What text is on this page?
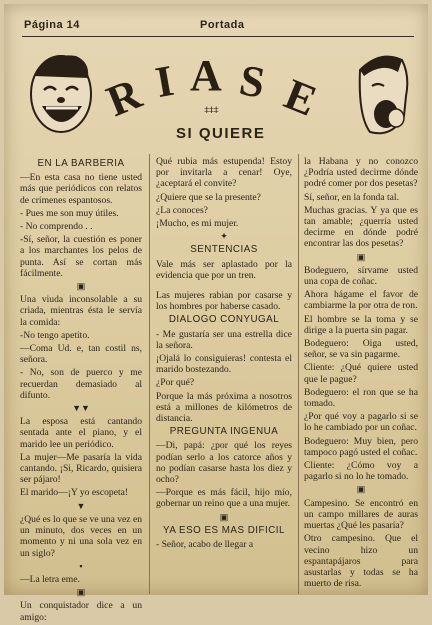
Página 14	Portada
R I A S E
⧧⧧⧧
SI QUIERE
EN LA BARBERIA

—En esta casa no tiene usted más que periódicos con relatos de crímenes espantosos.

- Pues me son muy útiles.

- No comprendo . .

-Sí, señor, la cuestión es poner a los marchantes los pelos de punta. Así se cortan más fácilmente.

▣

Una viuda inconsolable a su criada, mientras ésta le servía la comida:

-No tengo apetito.

—Coma Ud. e, tan costil ns, señora.

- No, son de puerco y me recuerdan demasiado al difunto.

▼▼

La esposa está cantando sentada ante el piano, y el marido lee un periódico.

La mujer—Me pasaría la vida cantando. ¡Si, Ricardo, quisiera ser pájaro!

El marido—¡Y yo escopeta!

▼

¿Qué es lo que se ve una vez en un minuto, dos veces en un momento y ni una sola vez en un siglo?

▪

—La letra eme.

▣

Un conquistador dice a un amigo:

Qué rubia más estupenda! Estoy por invitarla a cenar! Oye, ¿aceptará el convite?

¿Quiere que se la presente?

¿La conoces?

¡Mucho, es mi mujer.

✦
SENTENCIAS

Vale más ser aplastado por la evidencia que por un tren.

Las mujeres rabian por casarse y los hombres por haberse casado.

DIALOGO CONYUGAL

- Me gustaría ser una estrella dice la señora.

¡Ojalá lo consiguieras! contesta el marido bostezando.

¿Por qué?

Porque la más próxima a nosotros está a millones de kilómetros de distancia.

PREGUNTA INGENUA

—Di, papá: ¿por qué los reyes podían serlo a los catorce años y no podían casarse hasta los diez y ocho?

—Porque es más fácil, hijo mío, gobernar un reino que a una mujer.

▣
YA ESO ES MAS DIFICIL

- Señor, acabo de llegar a

la Habana y no conozco ¿Podría usted decirme dónde podré comer por dos pesetas?

Sí, señor, en la fonda tal.

Muchas gracias. Y ya que es tan amable; ¿querría usted decirme en dónde podré encontrar las dos pesetas?

▣

Bodeguero, sírvame usted una copa de coñac.

Ahora hágame el favor de cambiarme la por otra de ron.

El hombre se la toma y se dirige a la puerta sin pagar.

Bodeguero: Oiga usted, señor, se va sin pagarme.

Cliente: ¿Qué quiere usted que le pague?

Bodeguero: el ron que se ha tomado.

¿Por qué voy a pagarlo si se lo he cambiado por un coñac.

Bodeguero: Muy bien, pero tampoco pagó usted el coñac.

Cliente: ¿Cómo voy a pagarlo si no lo he tomado.

▣

Campesino. Se encontró en un campo millares de auras muertas ¿Qué les pasaría?

Otro campesino. Que el vecino hizo un espantapájaros para asustarlas y todas se ha muerto de risa.
